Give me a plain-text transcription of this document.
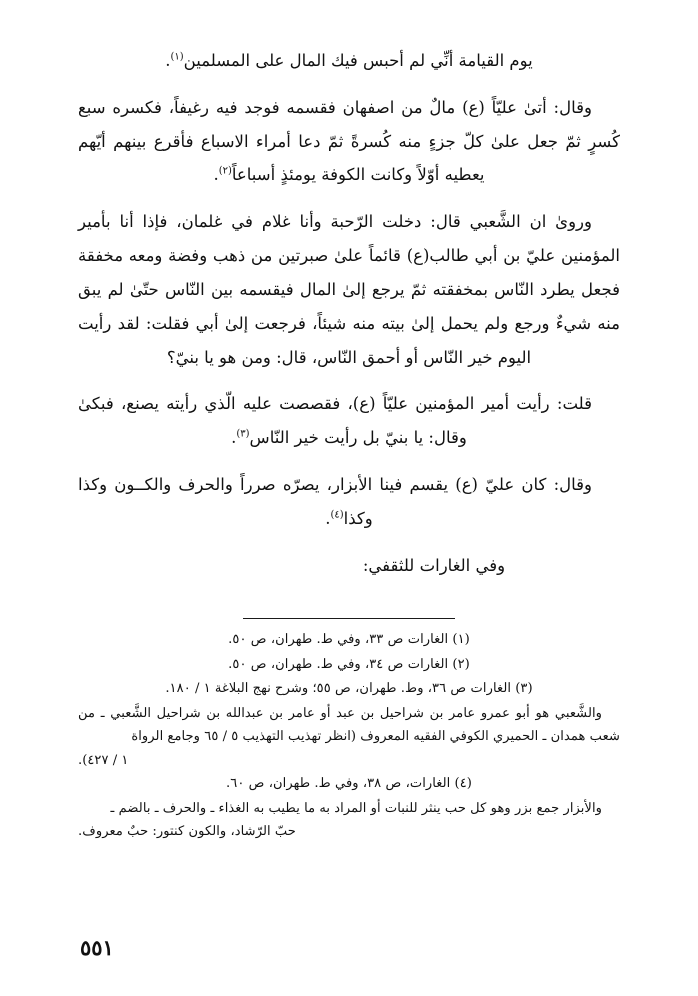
يوم القيامة أنِّي لم أحبس فيك المال على المسلمين$^{(١)}$.

وقال: أتىٰ عليّاً (ع) مالٌ من اصفهان فقسمه فوجد فيه رغيفاً، فكسره سبع كُسرٍ ثمّ جعل علىٰ كلّ جزءٍ منه كُسرةً ثمّ دعا أمراء الاسباع فأقرع بينهم أيّهم يعطيه أوّلاً وكانت الكوفة يومئذٍ أسباعاً$^{(٢)}$.

وروىٰ ان الشَّعبي قال: دخلت الرّحبة وأنا غلام في غلمان، فإذا أنا بأمير المؤمنين عليّ بن أبي طالب(ع) قائماً علىٰ صبرتين من ذهب وفضة ومعه مخفقة فجعل يطرد النّاس بمخفقته ثمّ يرجع إلىٰ المال فيقسمه بين النّاس حتّىٰ لم يبق منه شيءٌ ورجع ولم يحمل إلىٰ بيته منه شيئاً، فرجعت إلىٰ أبي فقلت: لقد رأيت اليوم خير النّاس أو أحمق النّاس، قال: ومن هو يا بنيّ؟

قلت: رأيت أمير المؤمنين عليّاً (ع)، فقصصت عليه الّذي رأيته يصنع، فبكىٰ وقال: يا بنيّ بل رأيت خير النّاس$^{(٣)}$.

وقال: كان عليّ (ع) يقسم فينا الأبزار، يصرّه صرراً والحرف والكــون وكذا وكذا$^{(٤)}$.

وفي الغارات للثقفي:

(١) الغارات ص ٣٣، وفي ط. طهران، ص ٥٠.

(٢) الغارات ص ٣٤، وفي ط. طهران، ص ٥٠.

(٣) الغارات ص ٣٦، وط. طهران، ص ٥٥؛ وشرح نهج البلاغة ١ / ١٨٠.

والشَّعبي هو أبو عمرو عامر بن شراحيل بن عبد أو عامر بن عبدالله بن شراحيل الشَّعبي ـ من شعب همدان ـ الحميري الكوفي الفقيه المعروف (انظر تهذيب التهذيب ٥ / ٦٥ وجامع الرواة
١ / ٤٢٧).

(٤) الغارات، ص ٣٨، وفي ط. طهران، ص ٦٠.

والأبزار جمع بزر وهو كل حب ينثر للنبات أو المراد به ما يطيب به الغذاء ـ والحرف ـ بالضم ـ
حبّ الرّشاد، والكون كنتور: حبٌ معروف.

٥٥١
